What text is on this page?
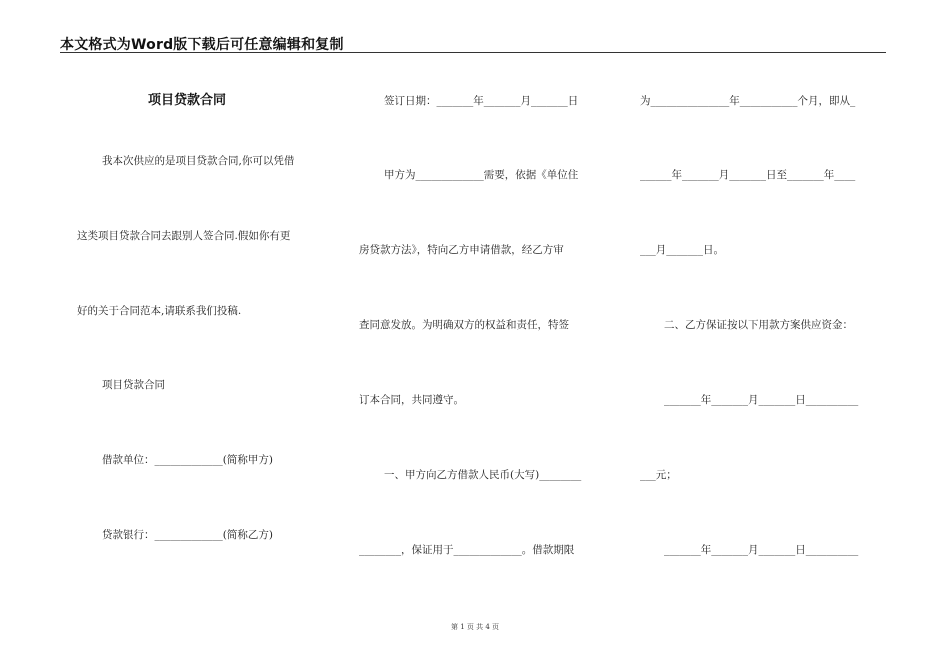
本文格式为Word版下载后可任意编辑和复制
项目贷款合同
我本次供应的是项目贷款合同,你可以凭借
这类项目贷款合同去跟别人签合同.假如你有更
好的关于合同范本,请联系我们投稿.
项目贷款合同
借款单位：_____________(简称甲方)
贷款银行：_____________(简称乙方)
签订日期：_______年_______月_______日
甲方为_____________需要，依据《单位住
房贷款方法》，特向乙方申请借款，经乙方审
查同意发放。为明确双方的权益和责任，特签
订本合同，共同遵守。
一、甲方向乙方借款人民币(大写)________
________，保证用于_____________。借款期限
为_______________年___________个月，即从_
______年_______月_______日至_______年____
___月_______日。
二、乙方保证按以下用款方案供应资金：
_______年_______月_______日__________
___元；
_______年_______月_______日__________
第 1 页 共 4 页
